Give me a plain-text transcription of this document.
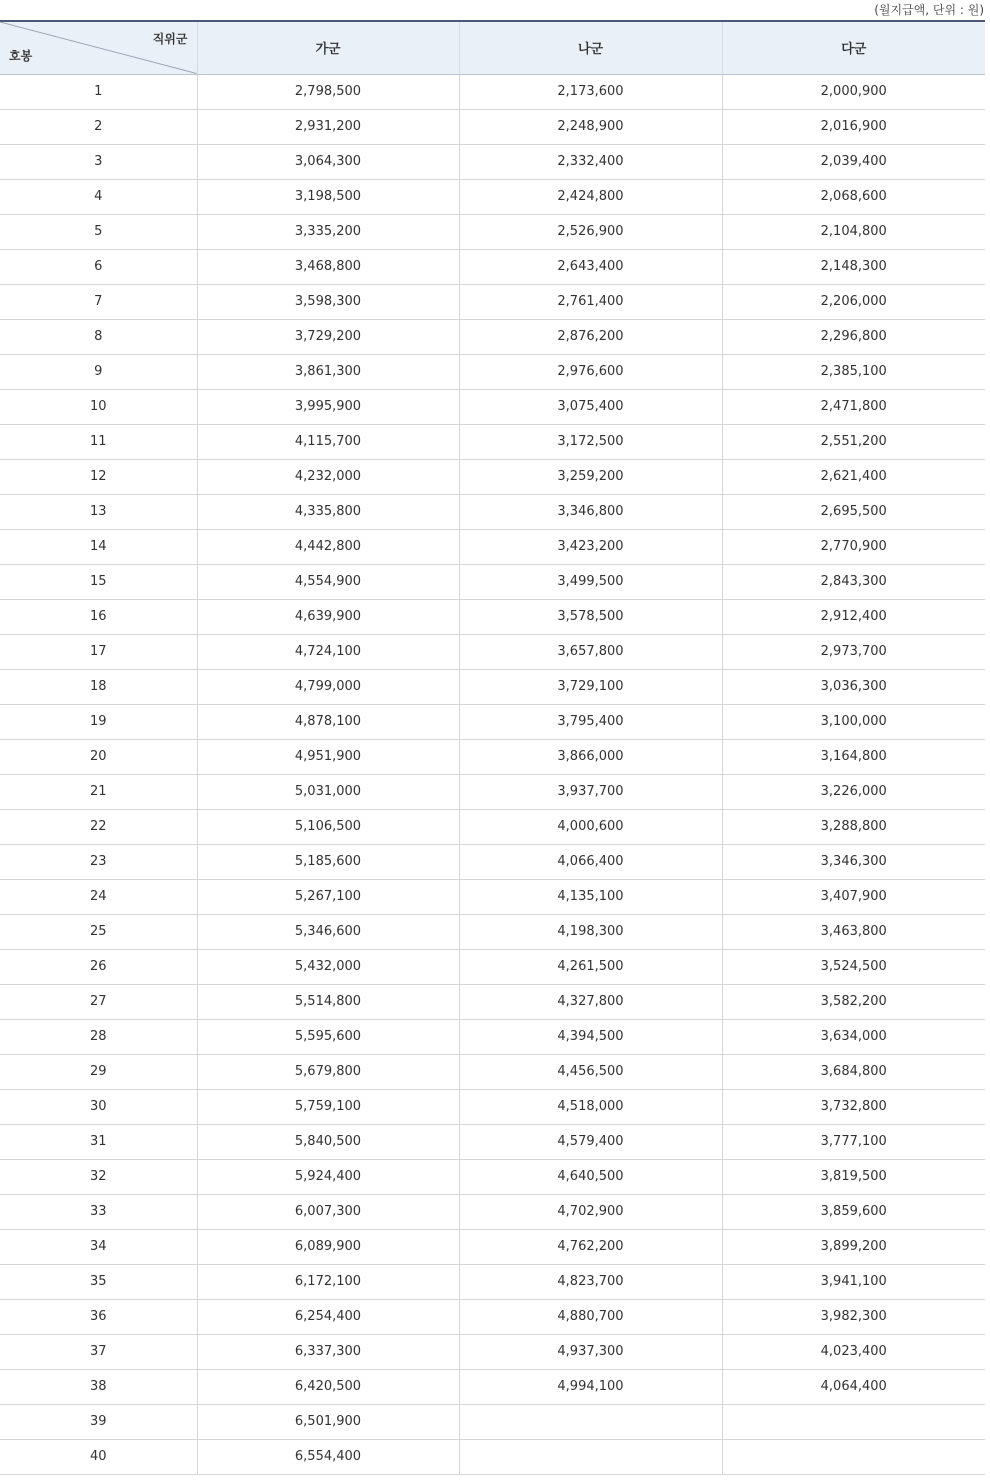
(월지급액, 단위 : 원)
직위군
호봉	가군	나군	다군
1	2,798,500	2,173,600	2,000,900
2	2,931,200	2,248,900	2,016,900
3	3,064,300	2,332,400	2,039,400
4	3,198,500	2,424,800	2,068,600
5	3,335,200	2,526,900	2,104,800
6	3,468,800	2,643,400	2,148,300
7	3,598,300	2,761,400	2,206,000
8	3,729,200	2,876,200	2,296,800
9	3,861,300	2,976,600	2,385,100
10	3,995,900	3,075,400	2,471,800
11	4,115,700	3,172,500	2,551,200
12	4,232,000	3,259,200	2,621,400
13	4,335,800	3,346,800	2,695,500
14	4,442,800	3,423,200	2,770,900
15	4,554,900	3,499,500	2,843,300
16	4,639,900	3,578,500	2,912,400
17	4,724,100	3,657,800	2,973,700
18	4,799,000	3,729,100	3,036,300
19	4,878,100	3,795,400	3,100,000
20	4,951,900	3,866,000	3,164,800
21	5,031,000	3,937,700	3,226,000
22	5,106,500	4,000,600	3,288,800
23	5,185,600	4,066,400	3,346,300
24	5,267,100	4,135,100	3,407,900
25	5,346,600	4,198,300	3,463,800
26	5,432,000	4,261,500	3,524,500
27	5,514,800	4,327,800	3,582,200
28	5,595,600	4,394,500	3,634,000
29	5,679,800	4,456,500	3,684,800
30	5,759,100	4,518,000	3,732,800
31	5,840,500	4,579,400	3,777,100
32	5,924,400	4,640,500	3,819,500
33	6,007,300	4,702,900	3,859,600
34	6,089,900	4,762,200	3,899,200
35	6,172,100	4,823,700	3,941,100
36	6,254,400	4,880,700	3,982,300
37	6,337,300	4,937,300	4,023,400
38	6,420,500	4,994,100	4,064,400
39	6,501,900		
40	6,554,400		
